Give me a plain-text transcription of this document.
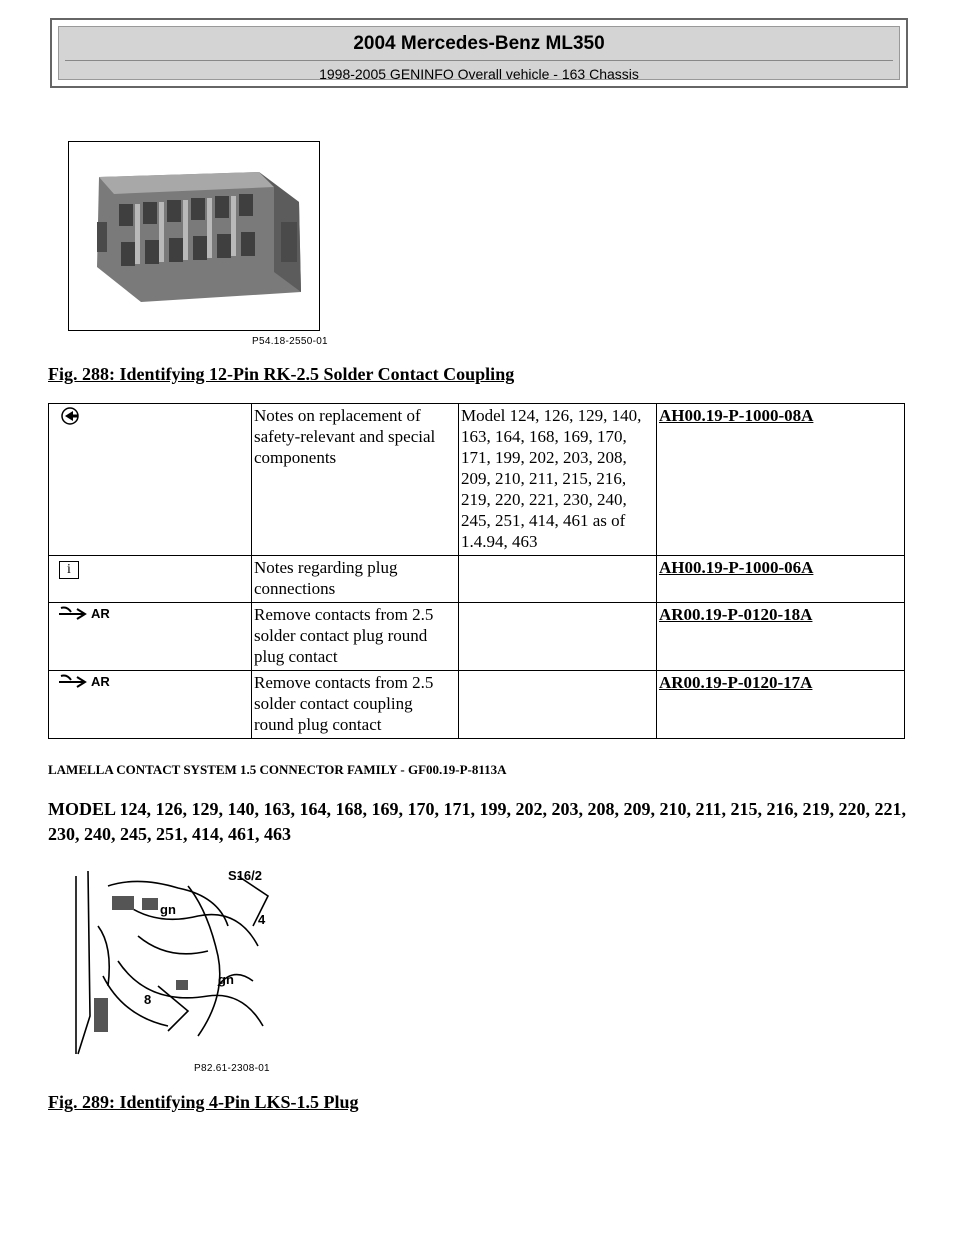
2004 Mercedes-Benz ML350
1998-2005 GENINFO Overall vehicle - 163 Chassis
P54.18-2550-01
Fig. 288: Identifying 12-Pin RK-2.5 Solder Contact Coupling
	Notes on replacement of safety-relevant and special components	Model 124, 126, 129, 140, 163, 164, 168, 169, 170, 171, 199, 202, 203, 208, 209, 210, 211, 215, 216, 219, 220, 221, 230, 240, 245, 251, 414, 461 as of 1.4.94, 463	AH00.19-P-1000-08A
i	Notes regarding plug connections		AH00.19-P-1000-06A

AR	Remove contacts from 2.5 solder contact plug round plug contact		AR00.19-P-0120-18A

AR	Remove contacts from 2.5 solder contact coupling round plug contact		AR00.19-P-0120-17A
LAMELLA CONTACT SYSTEM 1.5 CONNECTOR FAMILY - GF00.19-P-8113A
MODEL 124, 126, 129, 140, 163, 164, 168, 169, 170, 171, 199, 202, 203, 208, 209, 210, 211, 215, 216, 219, 220, 221, 230, 240, 245, 251, 414, 461, 463
S16/2
4
gn
gn
8
P82.61-2308-01
Fig. 289: Identifying 4-Pin LKS-1.5 Plug
